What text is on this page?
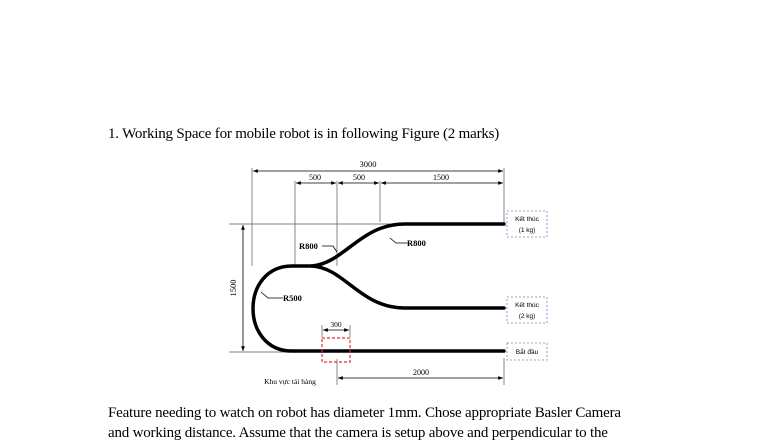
1. Working Space for mobile robot is in following Figure (2 marks)
3000
500	500	1500
1500
2000
300
R800	R800
R500
Kết thúc
(1 kg)
Kết thúc
(2 kg)
Bắt đầu
Khu vực tải hàng
Feature needing to watch on robot has diameter 1mm. Chose appropriate Basler Camera
and working distance. Assume that the camera is setup above and perpendicular to the
